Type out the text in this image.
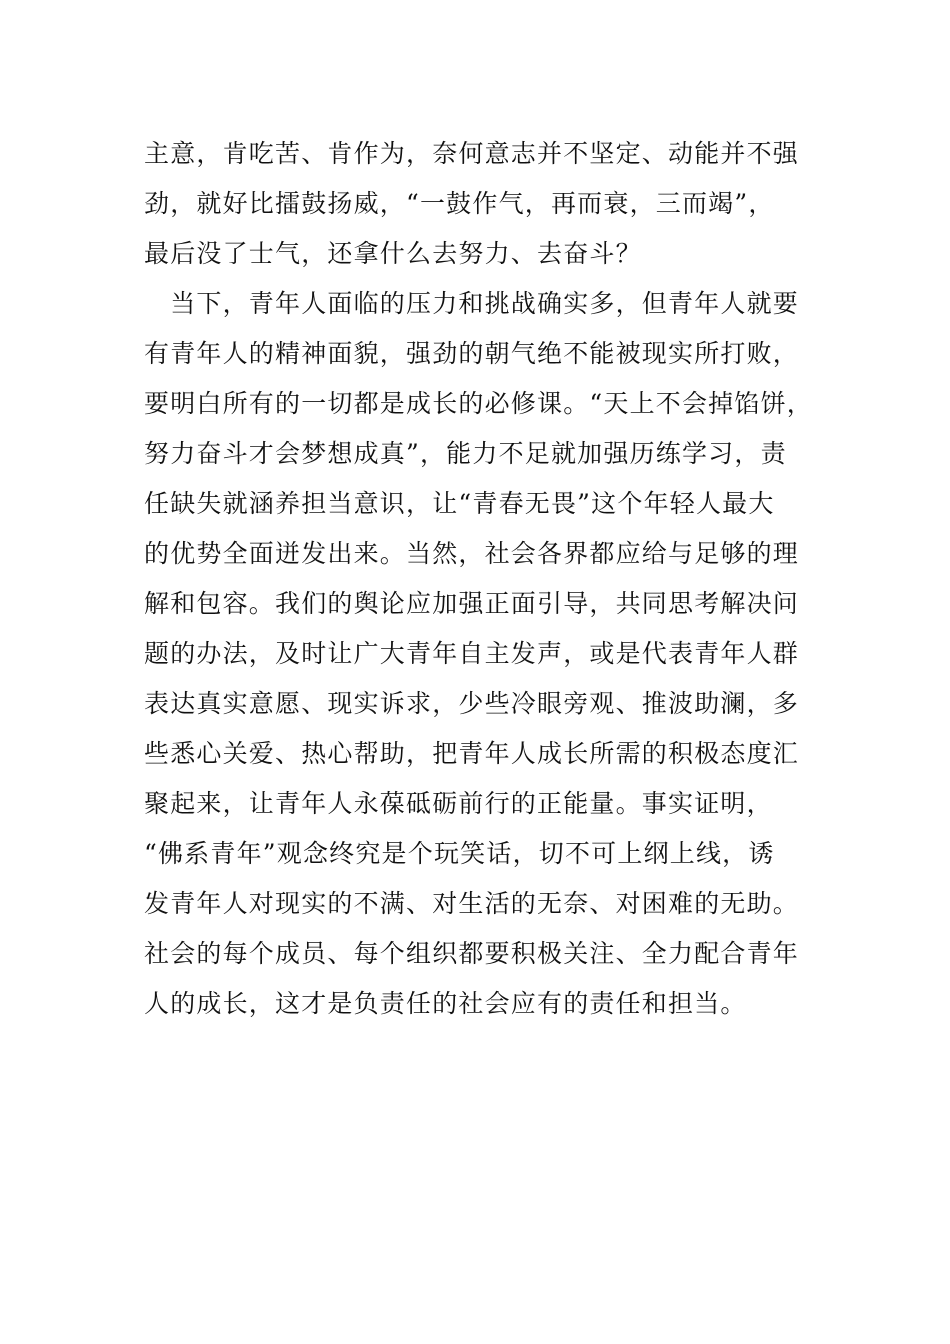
主意，肯吃苦、肯作为，奈何意志并不坚定、动能并不强
劲，就好比擂鼓扬威，“一鼓作气，再而衰，三而竭”，
最后没了士气，还拿什么去努力、去奋斗？
　当下，青年人面临的压力和挑战确实多，但青年人就要
有青年人的精神面貌，强劲的朝气绝不能被现实所打败，
要明白所有的一切都是成长的必修课。“天上不会掉馅饼，
努力奋斗才会梦想成真”，能力不足就加强历练学习，责
任缺失就涵养担当意识，让“青春无畏”这个年轻人最大
的优势全面迸发出来。当然，社会各界都应给与足够的理
解和包容。我们的舆论应加强正面引导，共同思考解决问
题的办法，及时让广大青年自主发声，或是代表青年人群
表达真实意愿、现实诉求，少些冷眼旁观、推波助澜，多
些悉心关爱、热心帮助，把青年人成长所需的积极态度汇
聚起来，让青年人永葆砥砺前行的正能量。事实证明，
“佛系青年”观念终究是个玩笑话，切不可上纲上线，诱
发青年人对现实的不满、对生活的无奈、对困难的无助。
社会的每个成员、每个组织都要积极关注、全力配合青年
人的成长，这才是负责任的社会应有的责任和担当。
